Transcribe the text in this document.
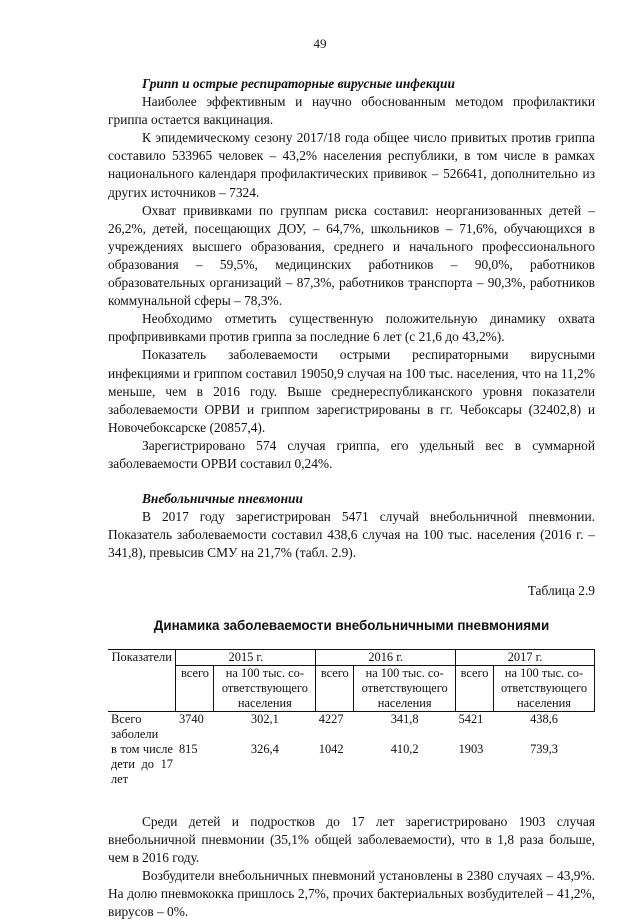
49

Грипп и острые респираторные вирусные инфекции

Наиболее эффективным и научно обоснованным методом профилактики гриппа остается вакцинация.

К эпидемическому сезону 2017/18 года общее число привитых против гриппа составило 533965 человек – 43,2% населения республики, в том числе в рамках национального календаря профилактических прививок – 526641, дополнительно из других источников – 7324.

Охват прививками по группам риска составил: неорганизованных детей – 26,2%, детей, посещающих ДОУ, – 64,7%, школьников – 71,6%, обучающихся в учреждениях высшего образования, среднего и начального профессионального образования – 59,5%, медицинских работников – 90,0%, работников образовательных организаций – 87,3%, работников транспорта – 90,3%, работников коммунальной сферы – 78,3%.

Необходимо отметить существенную положительную динамику охвата профпрививками против гриппа за последние 6 лет (с 21,6 до 43,2%).

Показатель заболеваемости острыми респираторными вирусными инфекциями и гриппом составил 19050,9 случая на 100 тыс. населения, что на 11,2% меньше, чем в 2016 году. Выше среднереспубликанского уровня показатели заболеваемости ОРВИ и гриппом зарегистрированы в гг. Чебоксары (32402,8) и Новочебоксарске (20857,4).

Зарегистрировано 574 случая гриппа, его удельный вес в суммарной заболеваемости ОРВИ составил 0,24%.

Внебольничные пневмонии

В 2017 году зарегистрирован 5471 случай внебольничной пневмонии. Показатель заболеваемости составил 438,6 случая на 100 тыс. населения (2016 г. – 341,8), превысив СМУ на 21,7% (табл. 2.9).

Таблица 2.9

Динамика заболеваемости внебольничными пневмониями

Показатели	2015 г.		2016 г.		2017 г.	
	всего	на 100 тыс. соответствующего населения	всего	на 100 тыс. соответствующего населения	всего	на 100 тыс. соответствующего населения
Всего заболели	3740	302,1	4227	341,8	5421	438,6
в том числе дети до 17 лет	815	326,4	1042	410,2	1903	739,3

Среди детей и подростков до 17 лет зарегистрировано 1903 случая внебольничной пневмонии (35,1% общей заболеваемости), что в 1,8 раза больше, чем в 2016 году.

Возбудители внебольничных пневмоний установлены в 2380 случаях – 43,9%. На долю пневмококка пришлось 2,7%, прочих бактериальных возбудителей – 41,2%, вирусов – 0%.
